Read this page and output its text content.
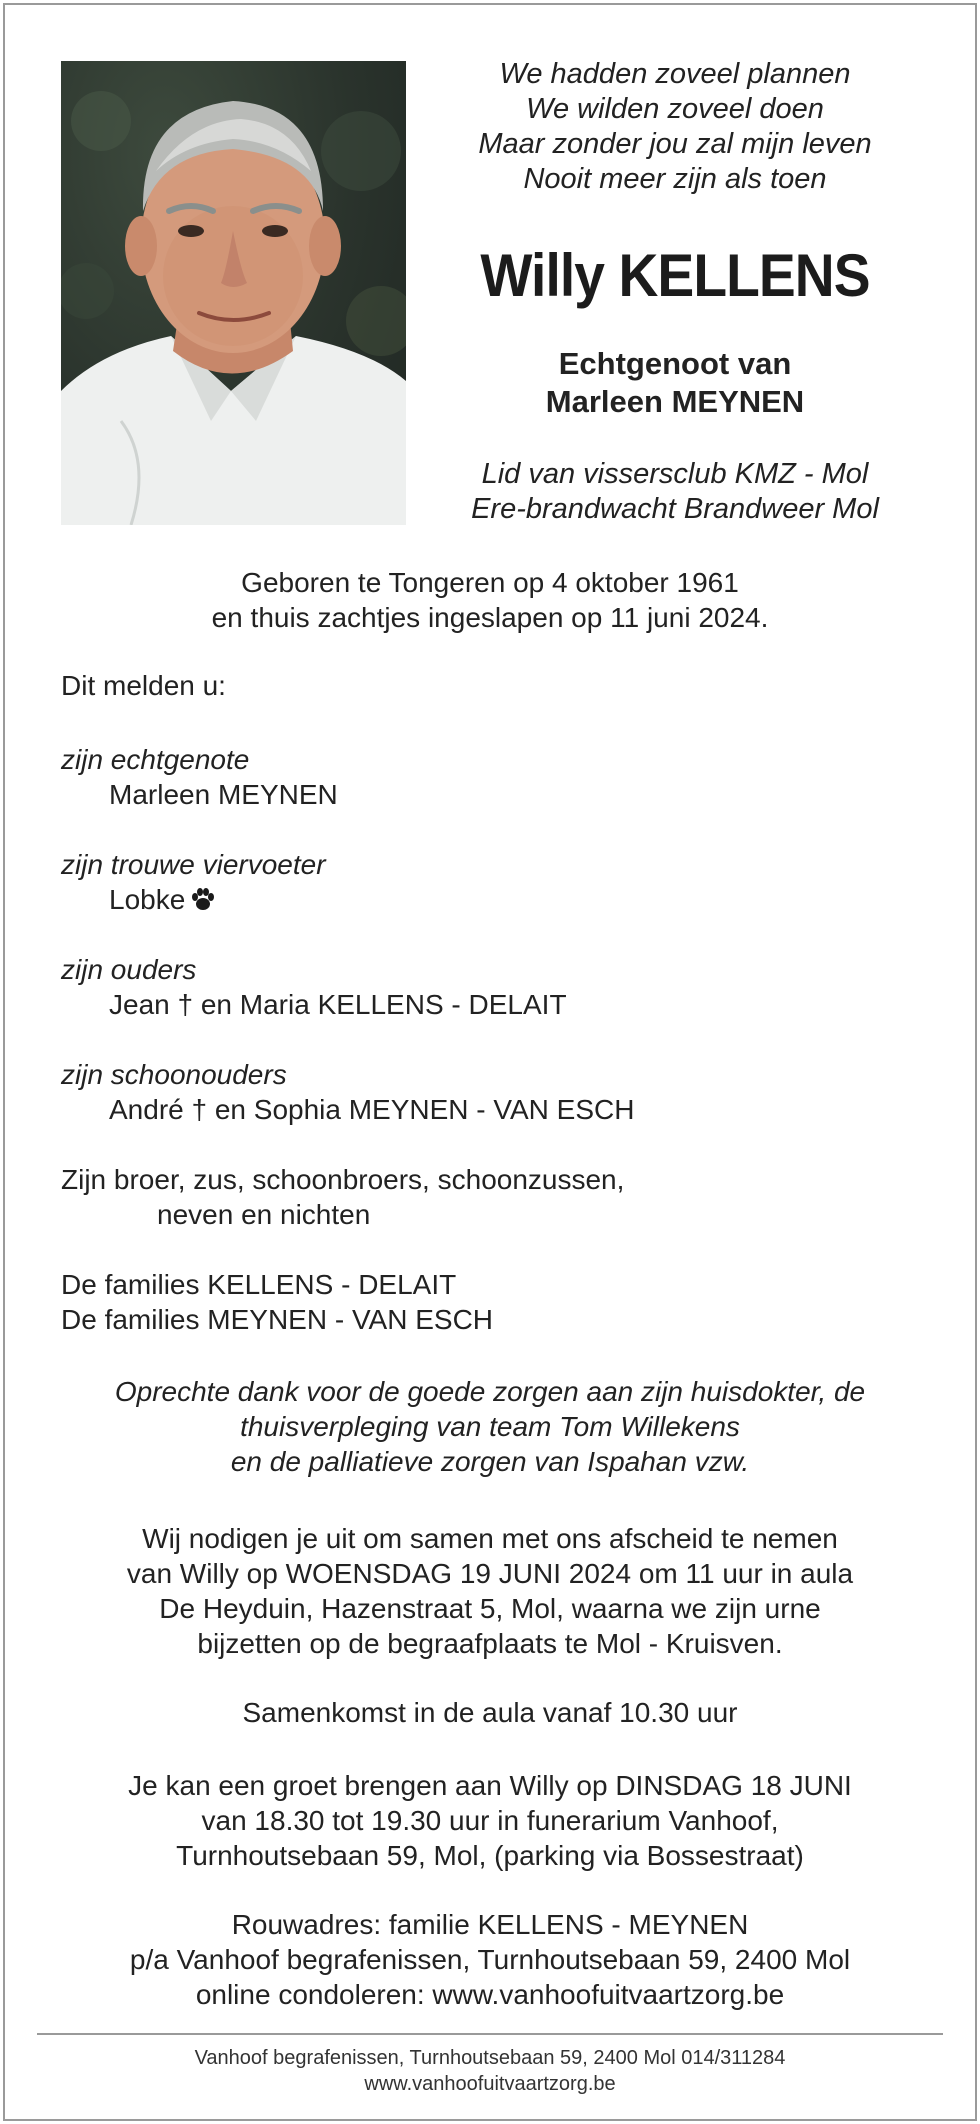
We hadden zoveel plannen
We wilden zoveel doen
Maar zonder jou zal mijn leven
Nooit meer zijn als toen
Willy KELLENS
Echtgenoot van
Marleen MEYNEN
Lid van vissersclub KMZ - Mol
Ere-brandwacht Brandweer Mol
Geboren te Tongeren op 4 oktober 1961
en thuis zachtjes ingeslapen op 11 juni 2024.
Dit melden u:
zijn echtgenote
Marleen MEYNEN
zijn trouwe viervoeter
Lobke
zijn ouders
Jean † en Maria KELLENS - DELAIT
zijn schoonouders
André † en Sophia MEYNEN - VAN ESCH
Zijn broer, zus, schoonbroers, schoonzussen,
neven en nichten
De families KELLENS - DELAIT
De families MEYNEN - VAN ESCH
Oprechte dank voor de goede zorgen aan zijn huisdokter, de
thuisverpleging van team Tom Willekens
en de palliatieve zorgen van Ispahan vzw.
Wij nodigen je uit om samen met ons afscheid te nemen
van Willy op WOENSDAG 19 JUNI 2024 om 11 uur in aula
De Heyduin, Hazenstraat 5, Mol, waarna we zijn urne
bijzetten op de begraafplaats te Mol - Kruisven.
Samenkomst in de aula vanaf 10.30 uur
Je kan een groet brengen aan Willy op DINSDAG 18 JUNI
van 18.30 tot 19.30 uur in funerarium Vanhoof,
Turnhoutsebaan 59, Mol, (parking via Bossestraat)
Rouwadres: familie KELLENS - MEYNEN
p/a Vanhoof begrafenissen, Turnhoutsebaan 59, 2400 Mol
online condoleren: www.vanhoofuitvaartzorg.be
Vanhoof begrafenissen, Turnhoutsebaan 59, 2400 Mol 014/311284
www.vanhoofuitvaartzorg.be
